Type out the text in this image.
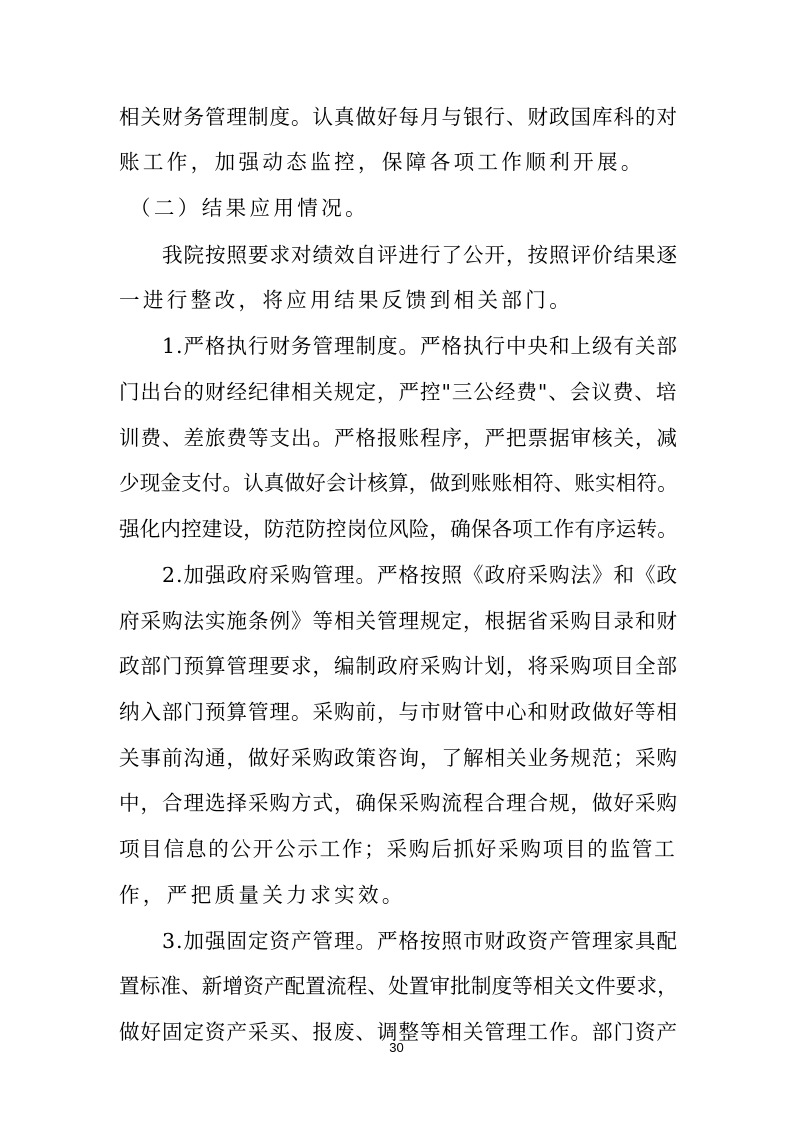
相关财务管理制度。认真做好每月与银行、财政国库科的对
账工作，加强动态监控，保障各项工作顺利开展。
（二）结果应用情况。
我院按照要求对绩效自评进行了公开，按照评价结果逐
一进行整改，将应用结果反馈到相关部门。
1.严格执行财务管理制度。严格执行中央和上级有关部
门出台的财经纪律相关规定，严控"三公经费"、会议费、培
训费、差旅费等支出。严格报账程序，严把票据审核关，减
少现金支付。认真做好会计核算，做到账账相符、账实相符。
强化内控建设，防范防控岗位风险，确保各项工作有序运转。
2.加强政府采购管理。严格按照《政府采购法》和《政
府采购法实施条例》等相关管理规定，根据省采购目录和财
政部门预算管理要求，编制政府采购计划，将采购项目全部
纳入部门预算管理。采购前，与市财管中心和财政做好等相
关事前沟通，做好采购政策咨询，了解相关业务规范；采购
中，合理选择采购方式，确保采购流程合理合规，做好采购
项目信息的公开公示工作；采购后抓好采购项目的监管工
作，严把质量关力求实效。
3.加强固定资产管理。严格按照市财政资产管理家具配
置标准、新增资产配置流程、处置审批制度等相关文件要求，
做好固定资产采买、报废、调整等相关管理工作。部门资产
30
